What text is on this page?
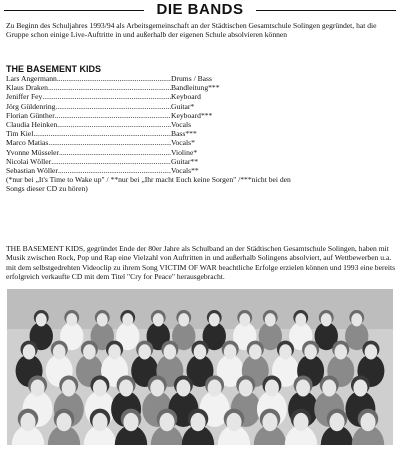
DIE BANDS
Zu Beginn des Schuljahres 1993/94 als Arbeitsgemeinschaft an der Städtischen Gesamtschule Solingen gegründet, hat die Gruppe schon einige Live-Auftritte in und außerhalb der eigenen Schule absolvieren können
THE BASEMENT KIDS
Lars Angermann .....	Drums / Bass
Klaus Draken .....	Bandleitung***
Jeniffer Fey .....	Keyboard
Jörg Güldenring .....	Guitar*
Florian Günther .....	Keyboard***
Claudia Heinken .....	Vocals
Tim Kiel .....	Bass***
Marco Matias .....	Vocals*
Yvonne Müsseler .....	Violine*
Nicolai Wöller .....	Guitar**
Sebastian Wöller .....	Vocals**
(*nur bei „It's Time to Wake up" / **nur bei „Ihr macht Euch keine Sorgen" /***nicht bei den Songs dieser CD zu hören)
THE BASEMENT KIDS, gegründet Ende der 80er Jahre als Schulband an der Städtischen Gesamtschule Solingen, haben mit Musik zwischen Rock, Pop und Rap eine Vielzahl von Auftritten in und außerhalb Solingens absolviert, auf Wettbewerben u.a. mit dem selbstgedrehten Videoclip zu ihrem Song VICTIM OF WAR beachtliche Erfolge erzielen können und 1993 eine bereits erfolgreich verkaufte CD mit dem Titel "Cry for Peace" herausgebracht.
